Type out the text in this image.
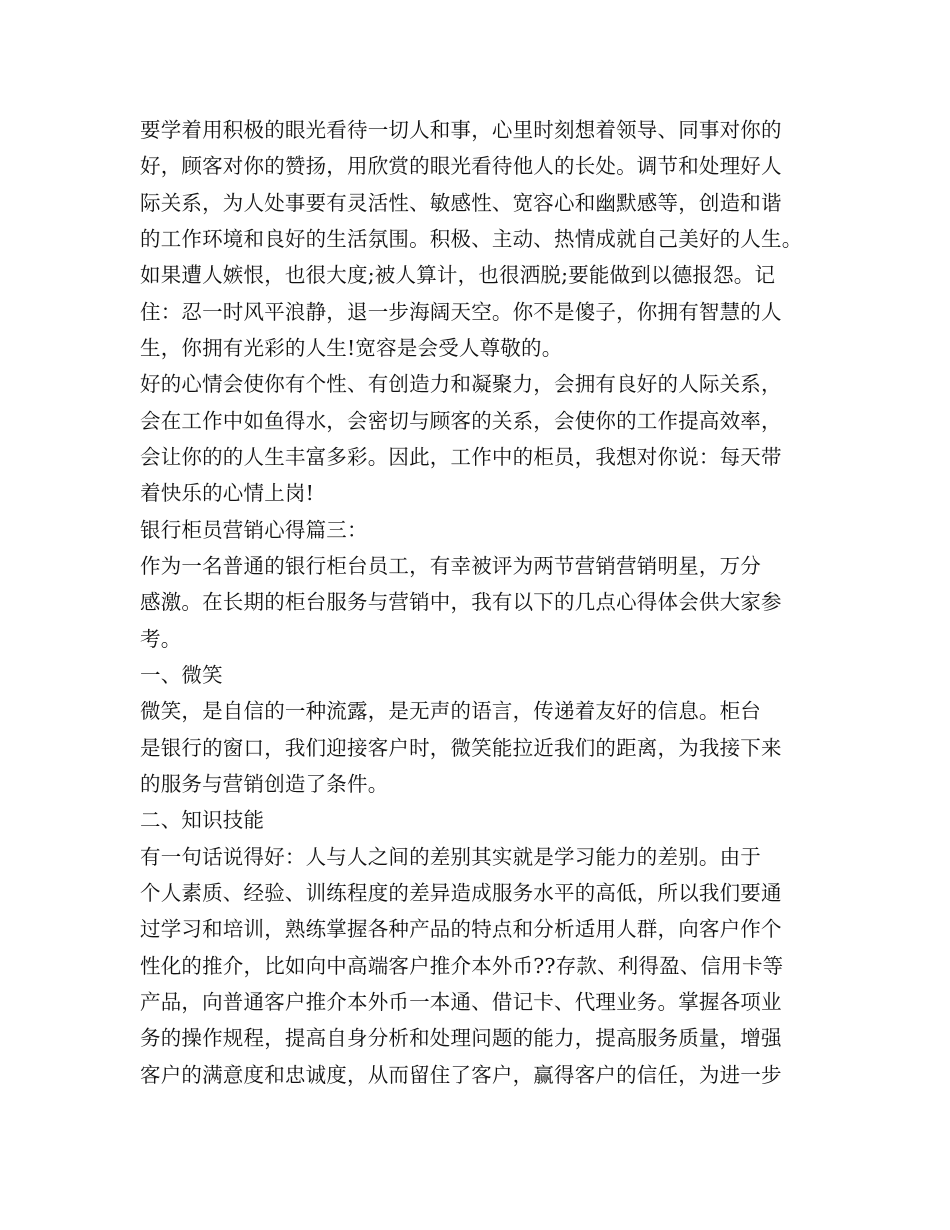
要学着用积极的眼光看待一切人和事，心里时刻想着领导、同事对你的
好，顾客对你的赞扬，用欣赏的眼光看待他人的长处。调节和处理好人
际关系，为人处事要有灵活性、敏感性、宽容心和幽默感等，创造和谐
的工作环境和良好的生活氛围。积极、主动、热情成就自己美好的人生。
如果遭人嫉恨，也很大度;被人算计，也很洒脱;要能做到以德报怨。记
住：忍一时风平浪静，退一步海阔天空。你不是傻子，你拥有智慧的人
生，你拥有光彩的人生!宽容是会受人尊敬的。
好的心情会使你有个性、有创造力和凝聚力，会拥有良好的人际关系，
会在工作中如鱼得水，会密切与顾客的关系，会使你的工作提高效率，
会让你的的人生丰富多彩。因此，工作中的柜员，我想对你说：每天带
着快乐的心情上岗!
银行柜员营销心得篇三：
作为一名普通的银行柜台员工，有幸被评为两节营销营销明星，万分
感激。在长期的柜台服务与营销中，我有以下的几点心得体会供大家参
考。
一、微笑
微笑，是自信的一种流露，是无声的语言，传递着友好的信息。柜台
是银行的窗口，我们迎接客户时，微笑能拉近我们的距离，为我接下来
的服务与营销创造了条件。
二、知识技能
有一句话说得好：人与人之间的差别其实就是学习能力的差别。由于
个人素质、经验、训练程度的差异造成服务水平的高低，所以我们要通
过学习和培训，熟练掌握各种产品的特点和分析适用人群，向客户作个
性化的推介，比如向中高端客户推介本外币??存款、利得盈、信用卡等
产品，向普通客户推介本外币一本通、借记卡、代理业务。掌握各项业
务的操作规程，提高自身分析和处理问题的能力，提高服务质量，增强
客户的满意度和忠诚度，从而留住了客户，赢得客户的信任，为进一步
